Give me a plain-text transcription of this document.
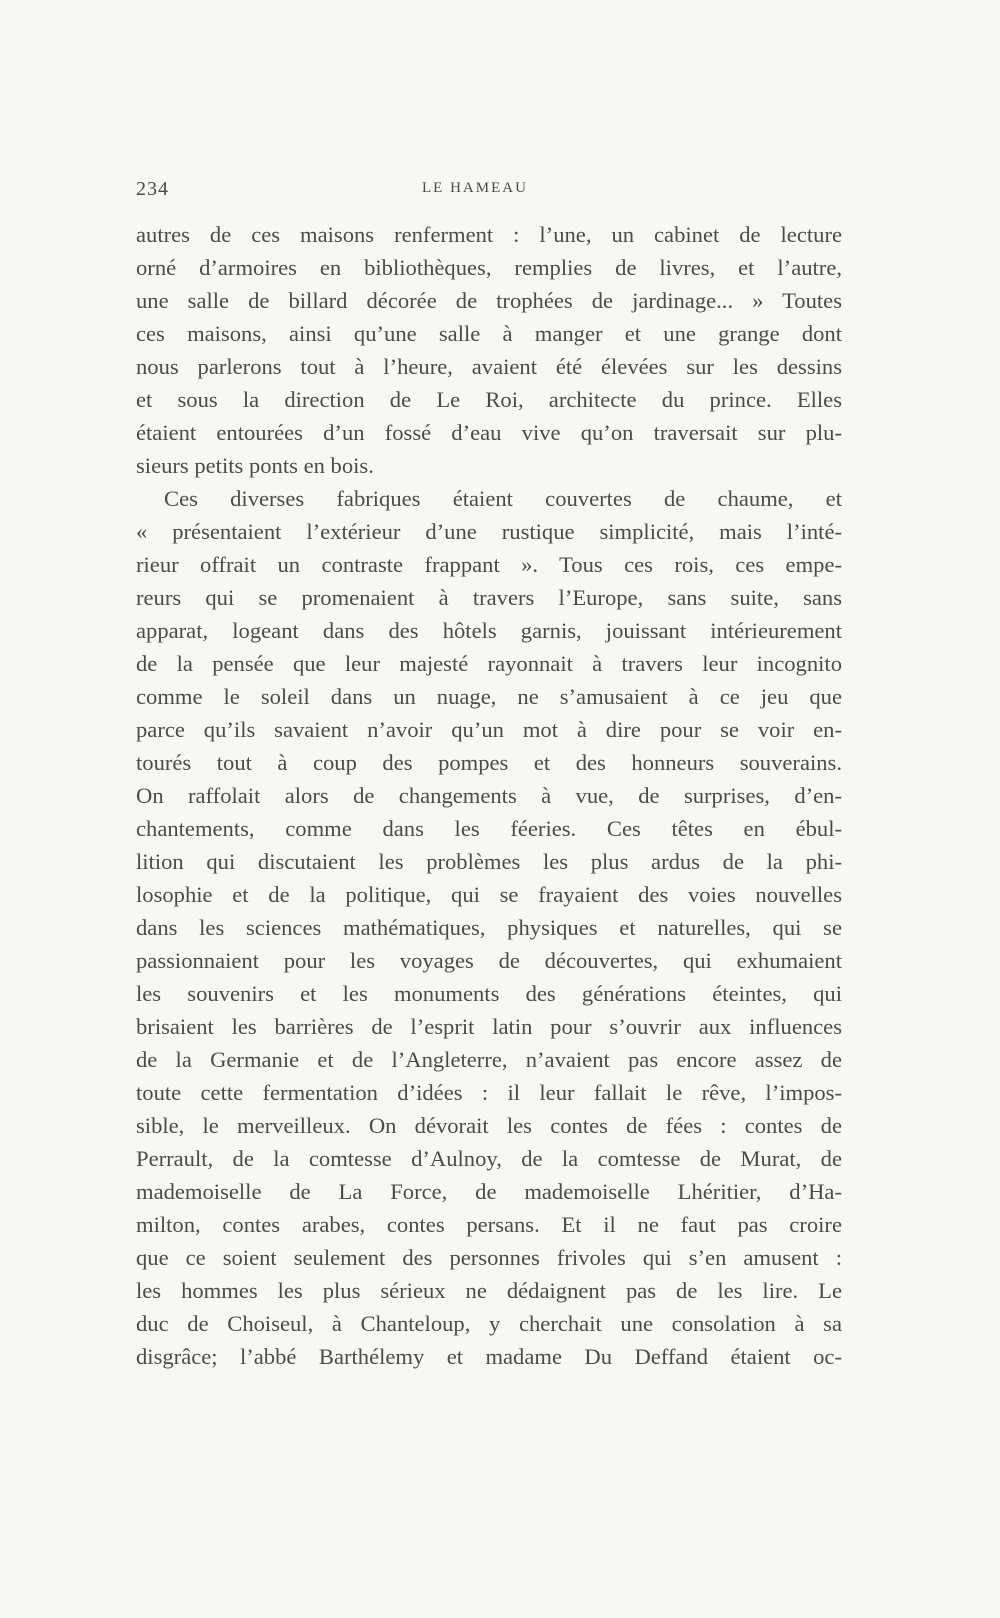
234	LE HAMEAU
autres de ces maisons renferment : l’une, un cabinet de lecture
orné d’armoires en bibliothèques, remplies de livres, et l’autre,
une salle de billard décorée de trophées de jardinage... » Toutes
ces maisons, ainsi qu’une salle à manger et une grange dont
nous parlerons tout à l’heure, avaient été élevées sur les dessins
et sous la direction de Le Roi, architecte du prince. Elles
étaient entourées d’un fossé d’eau vive qu’on traversait sur plu-
sieurs petits ponts en bois.
Ces diverses fabriques étaient couvertes de chaume, et
« présentaient l’extérieur d’une rustique simplicité, mais l’inté-
rieur offrait un contraste frappant ». Tous ces rois, ces empe-
reurs qui se promenaient à travers l’Europe, sans suite, sans
apparat, logeant dans des hôtels garnis, jouissant intérieurement
de la pensée que leur majesté rayonnait à travers leur incognito
comme le soleil dans un nuage, ne s’amusaient à ce jeu que
parce qu’ils savaient n’avoir qu’un mot à dire pour se voir en-
tourés tout à coup des pompes et des honneurs souverains.
On raffolait alors de changements à vue, de surprises, d’en-
chantements, comme dans les féeries. Ces têtes en ébul-
lition qui discutaient les problèmes les plus ardus de la phi-
losophie et de la politique, qui se frayaient des voies nouvelles
dans les sciences mathématiques, physiques et naturelles, qui se
passionnaient pour les voyages de découvertes, qui exhumaient
les souvenirs et les monuments des générations éteintes, qui
brisaient les barrières de l’esprit latin pour s’ouvrir aux influences
de la Germanie et de l’Angleterre, n’avaient pas encore assez de
toute cette fermentation d’idées : il leur fallait le rêve, l’impos-
sible, le merveilleux. On dévorait les contes de fées : contes de
Perrault, de la comtesse d’Aulnoy, de la comtesse de Murat, de
mademoiselle de La Force, de mademoiselle Lhéritier, d’Ha-
milton, contes arabes, contes persans. Et il ne faut pas croire
que ce soient seulement des personnes frivoles qui s’en amusent :
les hommes les plus sérieux ne dédaignent pas de les lire. Le
duc de Choiseul, à Chanteloup, y cherchait une consolation à sa
disgrâce; l’abbé Barthélemy et madame Du Deffand étaient oc-
